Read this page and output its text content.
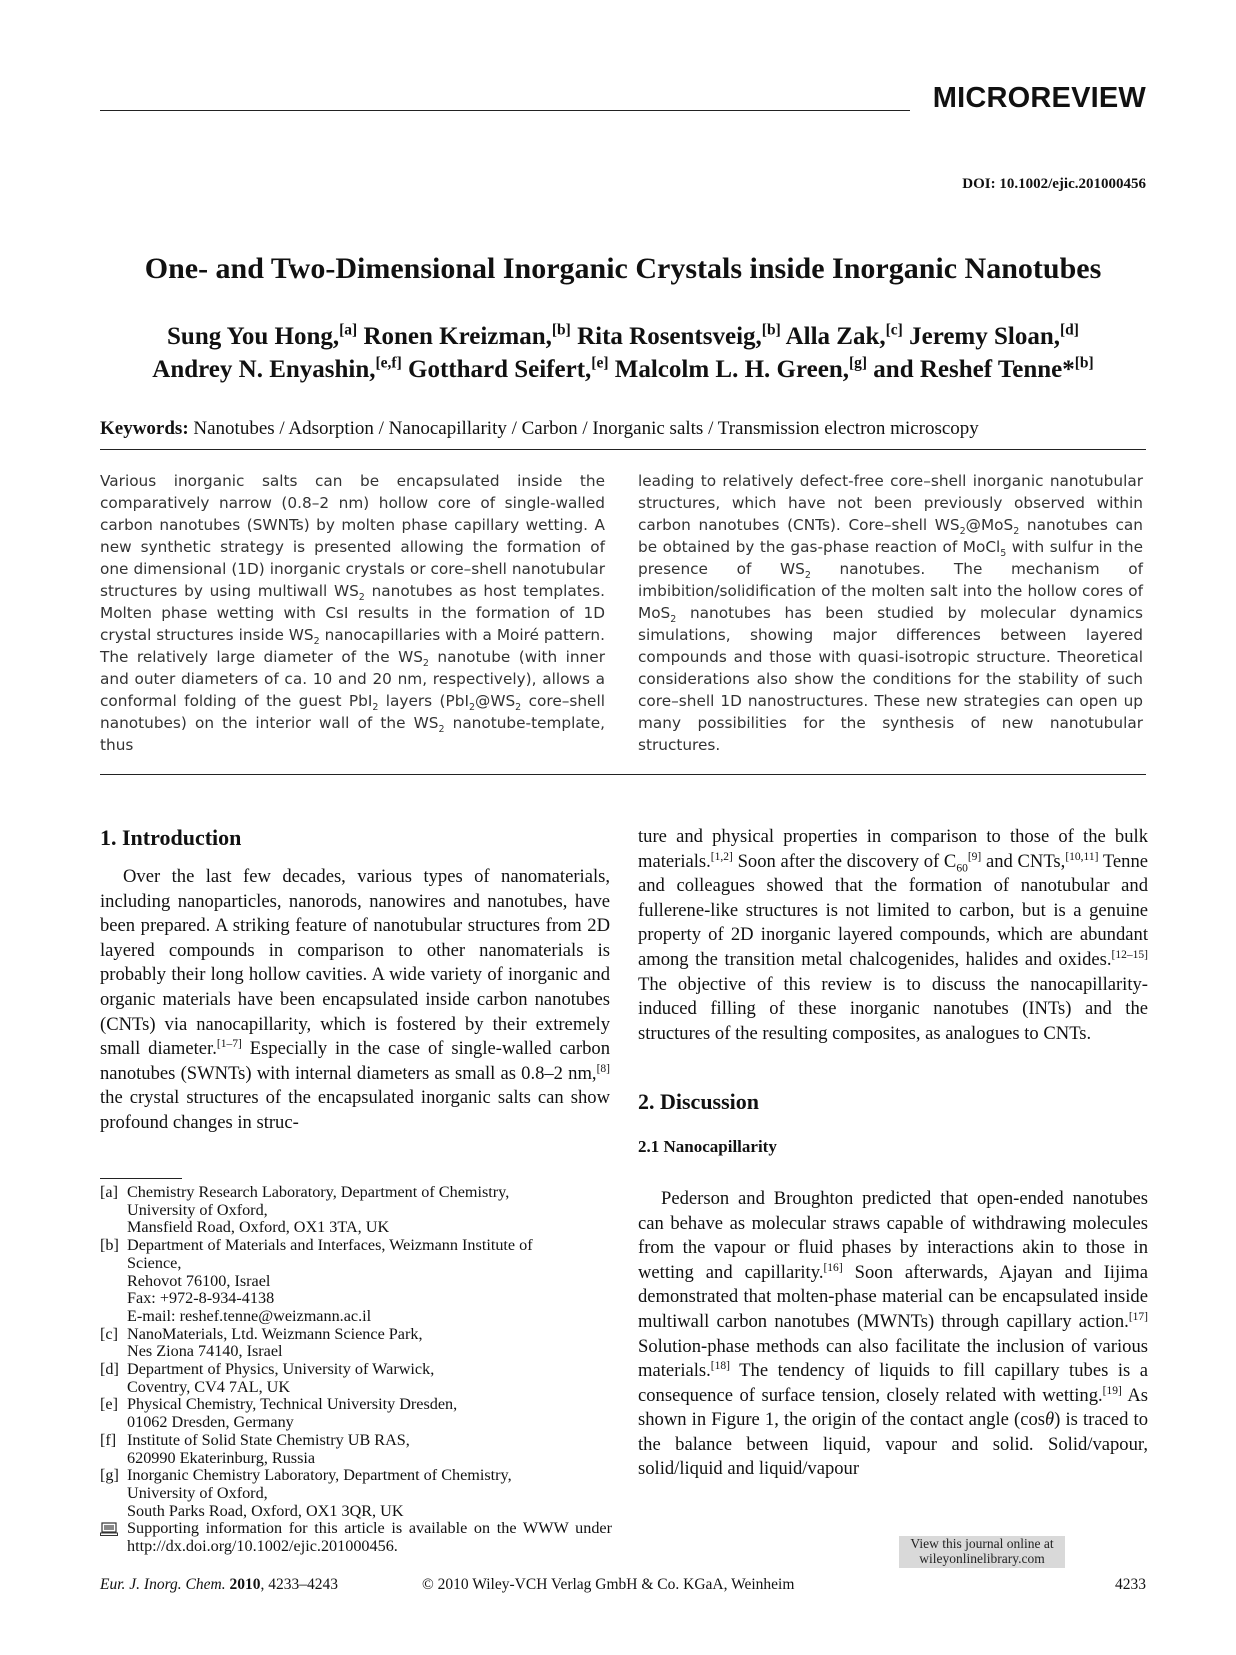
MICROREVIEW
DOI: 10.1002/ejic.201000456
One- and Two-Dimensional Inorganic Crystals inside Inorganic Nanotubes
Sung You Hong,[a] Ronen Kreizman,[b] Rita Rosentsveig,[b] Alla Zak,[c] Jeremy Sloan,[d]
Andrey N. Enyashin,[e,f] Gotthard Seifert,[e] Malcolm L. H. Green,[g] and Reshef Tenne*[b]
Keywords: Nanotubes / Adsorption / Nanocapillarity / Carbon / Inorganic salts / Transmission electron microscopy
Various inorganic salts can be encapsulated inside the comparatively narrow (0.8–2 nm) hollow core of single-walled carbon nanotubes (SWNTs) by molten phase capillary wetting. A new synthetic strategy is presented allowing the formation of one dimensional (1D) inorganic crystals or core–shell nanotubular structures by using multiwall $WS_2$ nanotubes as host templates. Molten phase wetting with CsI results in the formation of 1D crystal structures inside $WS_2$ nanocapillaries with a Moiré pattern. The relatively large diameter of the $WS_2$ nanotube (with inner and outer diameters of ca. 10 and 20 nm, respectively), allows a conformal folding of the guest PbI$_2$ layers ($PbI_2@WS_2$ core–shell nanotubes) on the interior wall of the $WS_2$ nanotube-template, thus
leading to relatively defect-free core–shell inorganic nanotubular structures, which have not been previously observed within carbon nanotubes (CNTs). Core–shell $WS_2@MoS_2$ nanotubes can be obtained by the gas-phase reaction of MoCl$_5$ with sulfur in the presence of $WS_2$ nanotubes. The mechanism of imbibition/solidification of the molten salt into the hollow cores of MoS$_2$ nanotubes has been studied by molecular dynamics simulations, showing major differences between layered compounds and those with quasi-isotropic structure. Theoretical considerations also show the conditions for the stability of such core–shell 1D nanostructures. These new strategies can open up many possibilities for the synthesis of new nanotubular structures.
1. Introduction

Over the last few decades, various types of nanomaterials, including nanoparticles, nanorods, nanowires and nanotubes, have been prepared. A striking feature of nanotubular structures from 2D layered compounds in comparison to other nanomaterials is probably their long hollow cavities. A wide variety of inorganic and organic materials have been encapsulated inside carbon nanotubes (CNTs) via nanocapillarity, which is fostered by their extremely small diameter.[1–7] Especially in the case of single-walled carbon nanotubes (SWNTs) with internal diameters as small as 0.8–2 nm,[8] the crystal structures of the encapsulated inorganic salts can show profound changes in struc-

[a] Chemistry Research Laboratory, Department of Chemistry,
University of Oxford,
Mansfield Road, Oxford, OX1 3TA, UK
[b] Department of Materials and Interfaces, Weizmann Institute of
Science,
Rehovot 76100, Israel
Fax: +972-8-934-4138
E-mail: reshef.tenne@weizmann.ac.il
[c] NanoMaterials, Ltd. Weizmann Science Park,
Nes Ziona 74140, Israel
[d] Department of Physics, University of Warwick,
Coventry, CV4 7AL, UK
[e] Physical Chemistry, Technical University Dresden,
01062 Dresden, Germany
[f] Institute of Solid State Chemistry UB RAS,
620990 Ekaterinburg, Russia
[g] Inorganic Chemistry Laboratory, Department of Chemistry,
University of Oxford,
South Parks Road, Oxford, OX1 3QR, UK
Supporting information for this article is available on the WWW under http://dx.doi.org/10.1002/ejic.201000456.

ture and physical properties in comparison to those of the bulk materials.[1,2] Soon after the discovery of $C_{60}[9]$ and CNTs,[10,11] Tenne and colleagues showed that the formation of nanotubular and fullerene-like structures is not limited to carbon, but is a genuine property of 2D inorganic layered compounds, which are abundant among the transition metal chalcogenides, halides and oxides.[12–15] The objective of this review is to discuss the nanocapillarity-induced filling of these inorganic nanotubes (INTs) and the structures of the resulting composites, as analogues to CNTs.

2. Discussion
2.1 Nanocapillarity

Pederson and Broughton predicted that open-ended nanotubes can behave as molecular straws capable of withdrawing molecules from the vapour or fluid phases by interactions akin to those in wetting and capillarity.[16] Soon afterwards, Ajayan and Iijima demonstrated that molten-phase material can be encapsulated inside multiwall carbon nanotubes (MWNTs) through capillary action.[17] Solution-phase methods can also facilitate the inclusion of various materials.[18] The tendency of liquids to fill capillary tubes is a consequence of surface tension, closely related with wetting.[19] As shown in Figure 1, the origin of the contact angle (cosθ) is traced to the balance between liquid, vapour and solid. Solid/vapour, solid/liquid and liquid/vapour

View this journal online at
wileyonlinelibrary.com
Eur. J. Inorg. Chem. 2010, 4233–4243	© 2010 Wiley-VCH Verlag GmbH & Co. KGaA, Weinheim	4233
